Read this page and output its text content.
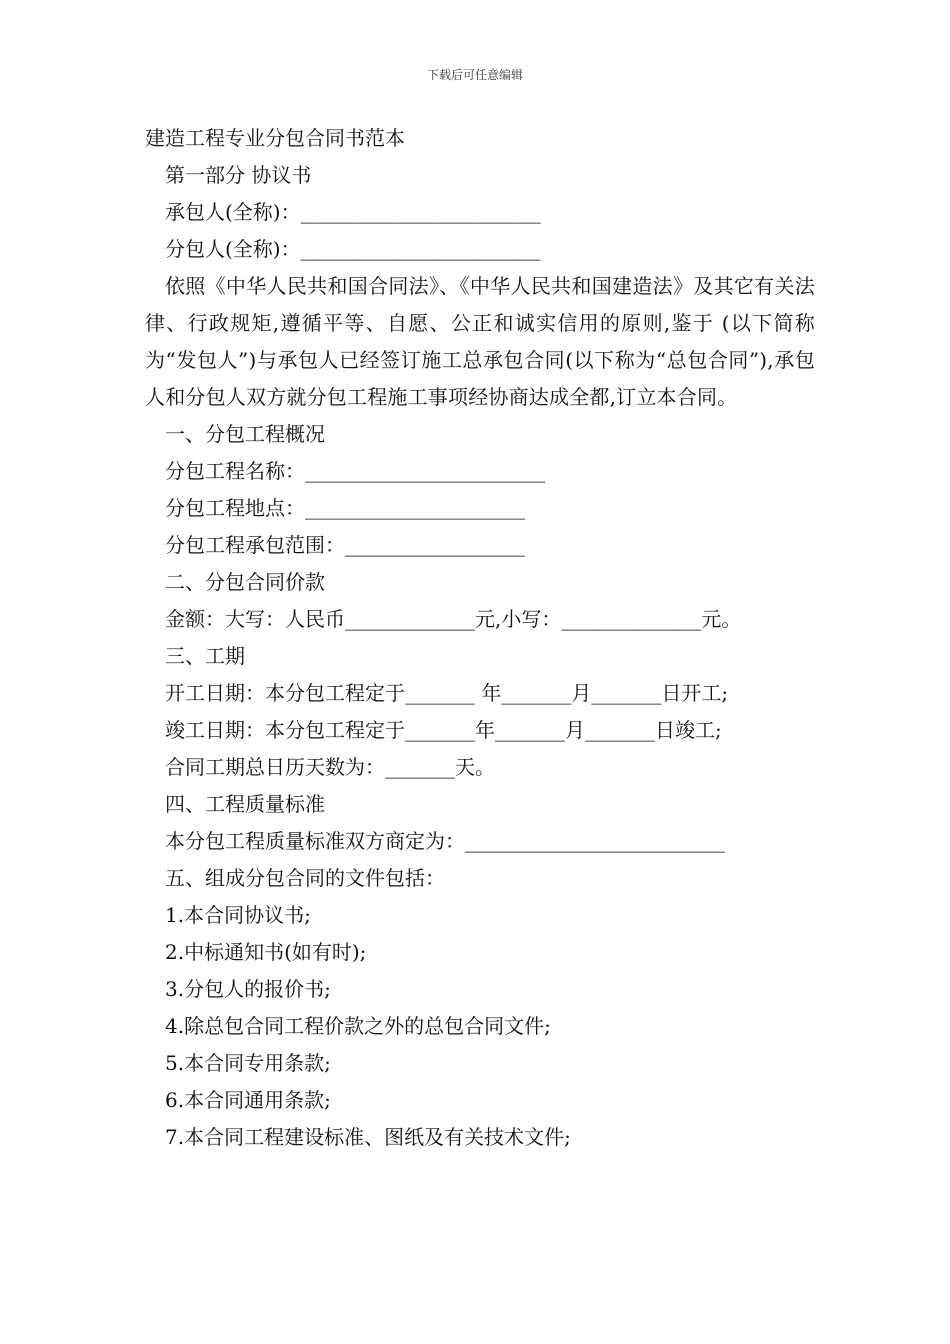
下载后可任意编辑
建造工程专业分包合同书范本
第一部分 协议书
承包人(全称)：________________________
分包人(全称)：________________________
依照《中华人民共和国合同法》、《中华人民共和国建造法》及其它有关法律、行政规矩,遵循平等、自愿、公正和诚实信用的原则,鉴于 (以下简称为“发包人”)与承包人已经签订施工总承包合同(以下称为“总包合同”),承包人和分包人双方就分包工程施工事项经协商达成全都,订立本合同。
一、分包工程概况
分包工程名称：________________________
分包工程地点：______________________
分包工程承包范围：__________________
二、分包合同价款
金额：大写：人民币_____________元,小写：______________元。
三、工期
开工日期：本分包工程定于_______ 年_______月_______日开工;
竣工日期：本分包工程定于_______年_______月_______日竣工;
合同工期总日历天数为：_______天。
四、工程质量标准
本分包工程质量标准双方商定为：__________________________
五、组成分包合同的文件包括：
1.本合同协议书;
2.中标通知书(如有时);
3.分包人的报价书;
4.除总包合同工程价款之外的总包合同文件;
5.本合同专用条款;
6.本合同通用条款;
7.本合同工程建设标准、图纸及有关技术文件;
